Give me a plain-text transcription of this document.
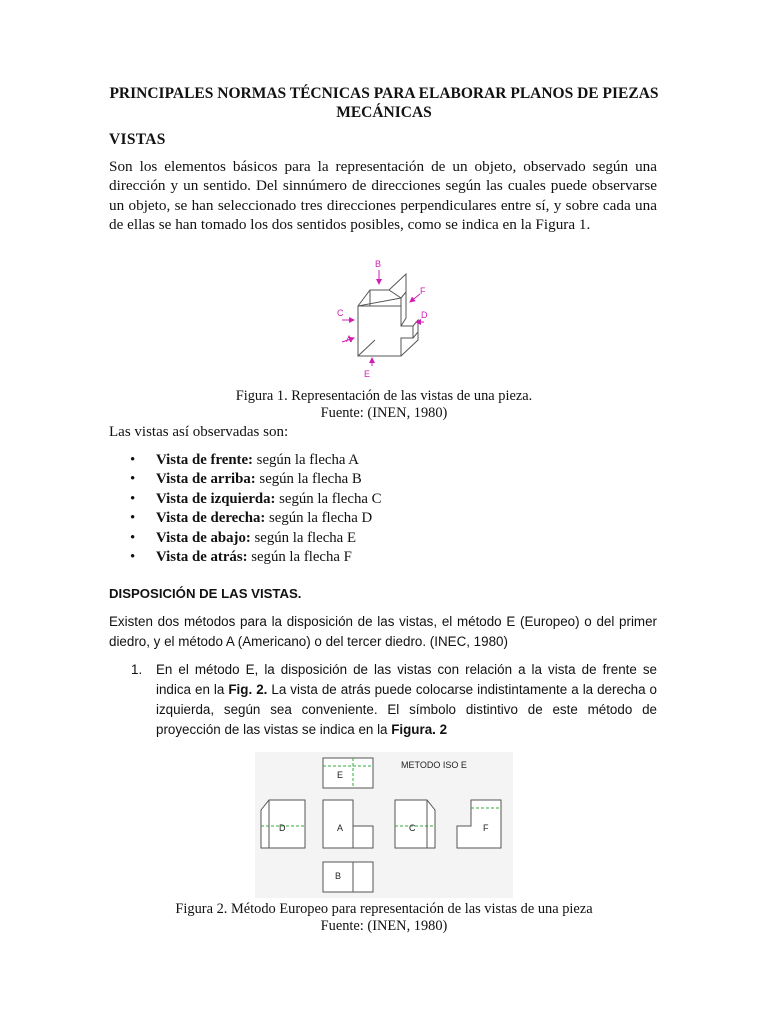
PRINCIPALES NORMAS TÉCNICAS PARA ELABORAR PLANOS DE PIEZAS MECÁNICAS
VISTAS
Son los elementos básicos para la representación de un objeto, observado según una dirección y un sentido. Del sinnúmero de direcciones según las cuales puede observarse un objeto, se han seleccionado tres direcciones perpendiculares entre sí, y sobre cada una de ellas se han tomado los dos sentidos posibles, como se indica en la Figura 1.
B
F
C	D
A
E
Figura 1. Representación de las vistas de una pieza.
Fuente: (INEN, 1980)
Las vistas así observadas son:
• Vista de frente: según la flecha A
• Vista de arriba: según la flecha B
• Vista de izquierda: según la flecha C
• Vista de derecha: según la flecha D
• Vista de abajo: según la flecha E
• Vista de atrás: según la flecha F
DISPOSICIÓN DE LAS VISTAS.
Existen dos métodos para la disposición de las vistas, el método E (Europeo) o del primer diedro, y el método A (Americano) o del tercer diedro. (INEC, 1980)
1. En el método E, la disposición de las vistas con relación a la vista de frente se indica en la Fig. 2. La vista de atrás puede colocarse indistintamente a la derecha o izquierda, según sea conveniente. El símbolo distintivo de este método de proyección de las vistas se indica en la Figura. 2
METODO ISO E
E
D	A	C	F
B
Figura 2. Método Europeo para representación de las vistas de una pieza
Fuente: (INEN, 1980)
